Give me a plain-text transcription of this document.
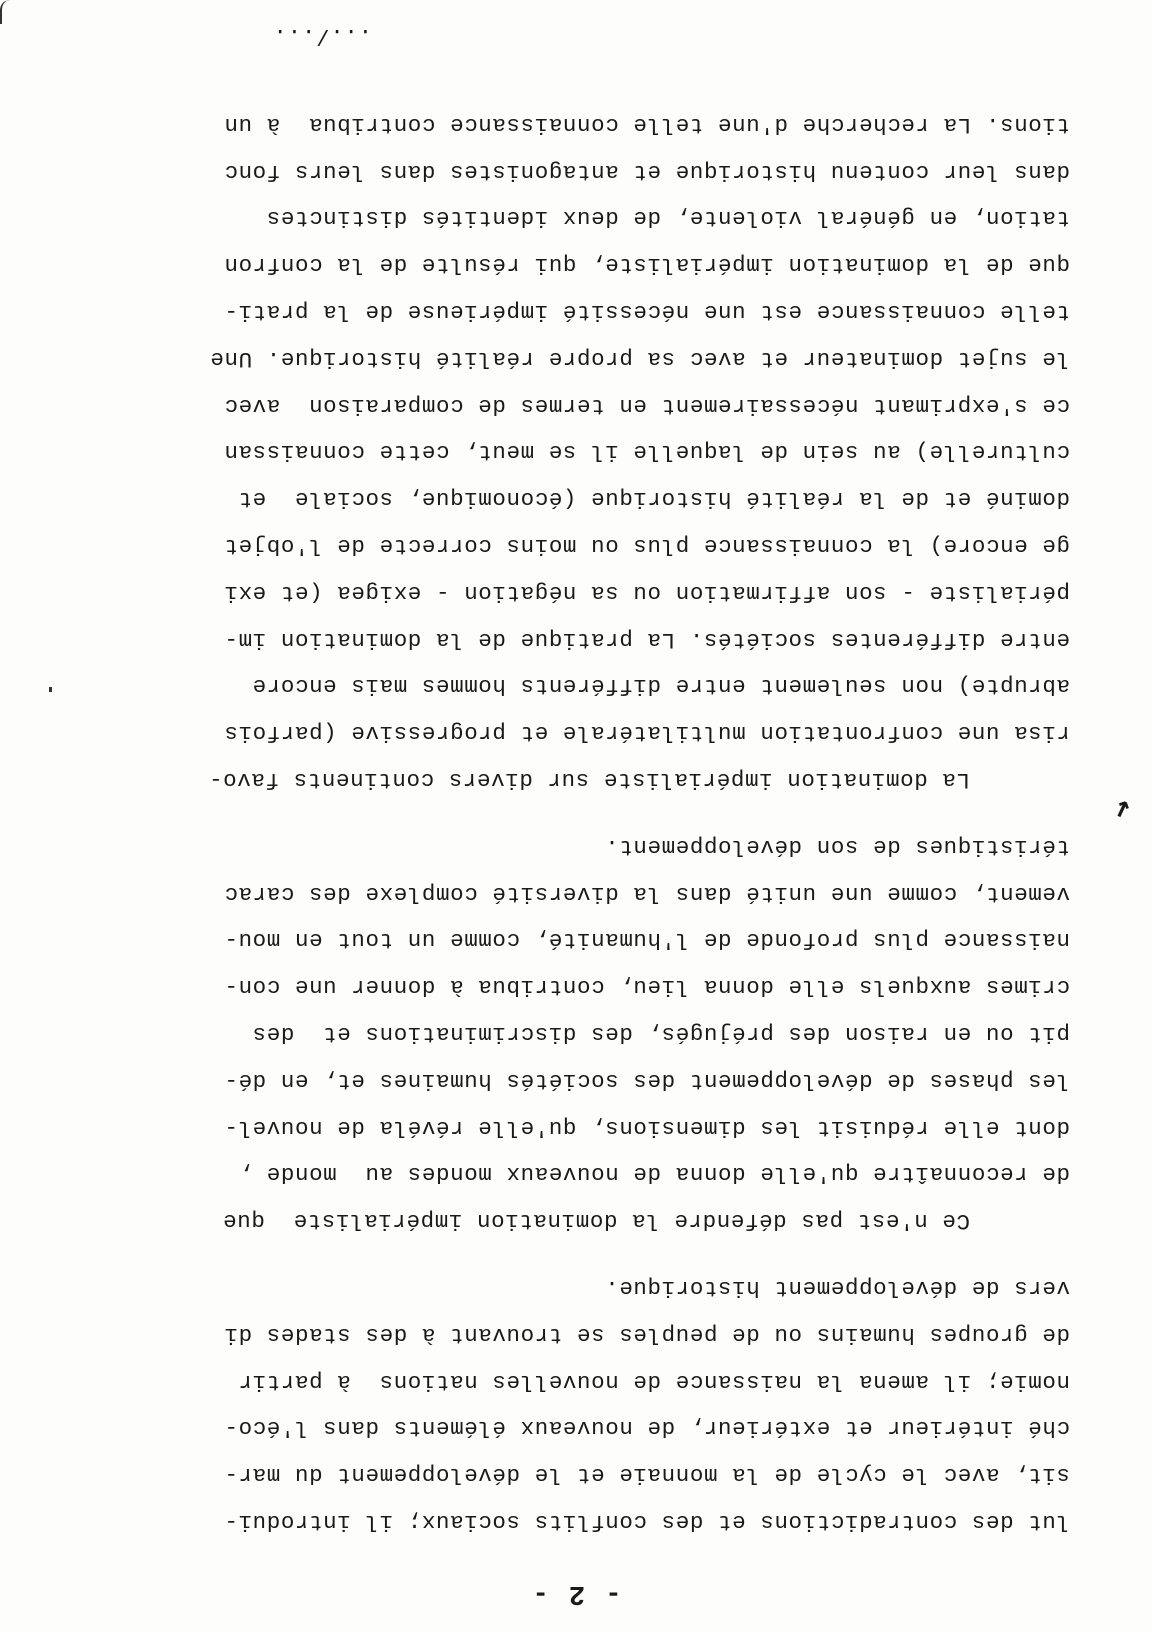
- 2 -
lut des contradictions et des conflits sociaux; il introdui-
sit, avec le cycle de la monnaie et le développement du mar-
ché intérieur et extérieur, de nouveaux éléments dans l'éco-
nomie; il amena la naissance de nouvelles nations  à partir
de groupes humains ou de peuples se trouvant à des stades di
vers de développement historique.
Ce n'est pas défendre la domination impérialiste  que
de reconnaître qu'elle donna de nouveaux mondes au  monde ,
dont elle réduisit les dimensions, qu'elle révéla de nouvel-
les phases de développement des sociétés humaines et, en dé-
pit ou en raison des préjugés, des discriminations et  des
crimes auxquels elle donna lieu, contribua à donner une con-
naissance plus profonde de l'humanité, comme un tout en mou-
vement, comme une unité dans la diversité complexe des carac
téristiques de son développement.
La domination impérialiste sur divers continents favo-
risa une confrontation multilatérale et progressive (parfois
abrupte) non seulement entre différents hommes mais encore
entre différentes sociétés. La pratique de la domination im-
périaliste - son affirmation ou sa négation - exigea (et exi
ge encore) la connaissance plus ou moins correcte de l'objet
dominé et de la réalité historique (économique, sociale  et
culturelle) au sein de laquelle il se meut, cette connaissan
ce s'exprimant nécessairement en termes de comparaison  avec
le sujet dominateur et avec sa propre réalité historique. Une
telle connaissance est une nécessité impérieuse de la prati-
que de la domination impérialiste, qui résulte de la confron
tation, en général violente, de deux identités distinctes
dans leur contenu historique et antagonistes dans leurs fonc
tions. La recherche d'une telle connaissance contribua  à un
↙
.../...
